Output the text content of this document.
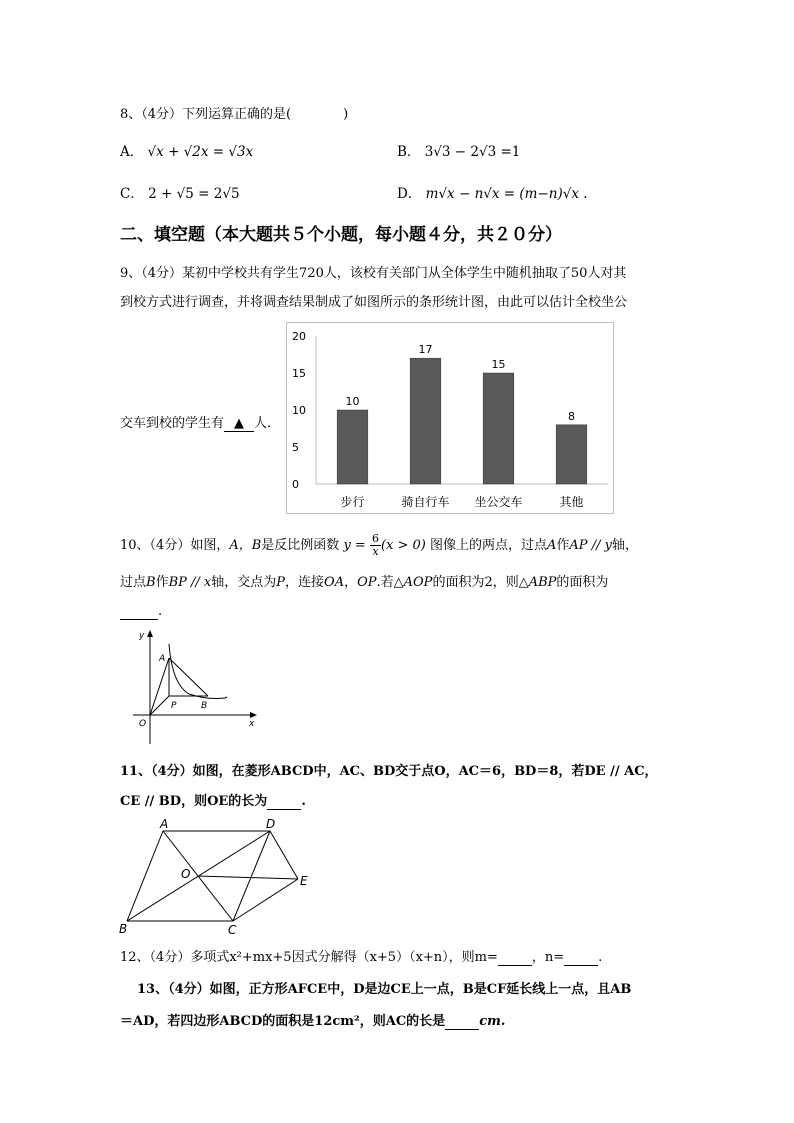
8、（4分）下列运算正确的是(　　　　)
A． √x + √2x = √3x	B． 3√3 − 2√3 =1
C． 2 + √5 = 2√5	D． m√x − n√x = (m−n)√x .
二、填空题（本大题共５个小题，每小题４分，共２０分）
9、（4分）某初中学校共有学生720人，该校有关部门从全体学生中随机抽取了50人对其
到校方式进行调查，并将调查结果制成了如图所示的条形统计图，由此可以估计全校坐公
交车到校的学生有 ▲ 人.
0
5
10
15
20
10
步行
17
骑自行车
15
坐公交车
8
其他
10、（4分）如图，A，B是反比例函数 $y = \frac{6}{x} (x > 0)$ 图像上的两点，过点A作AP // y轴，
过点B作BP // x轴，交点为P，连接OA，OP.若△AOP的面积为2，则△ABP的面积为
.
y
x
O
A
P	B
11、（4分）如图，在菱形ABCD中，AC、BD交于点O，AC＝6，BD＝8，若DE // AC，
CE // BD，则OE的长为	.
A	D
O	E
B	C
12、（4分）多项式x²+mx+5因式分解得（x+5）（x+n），则m=	，n=	.
13、（4分）如图，正方形AFCE中，D是边CE上一点，B是CF延长线上一点，且AB
＝AD，若四边形ABCD的面积是12cm²，则AC的长是	cm.
